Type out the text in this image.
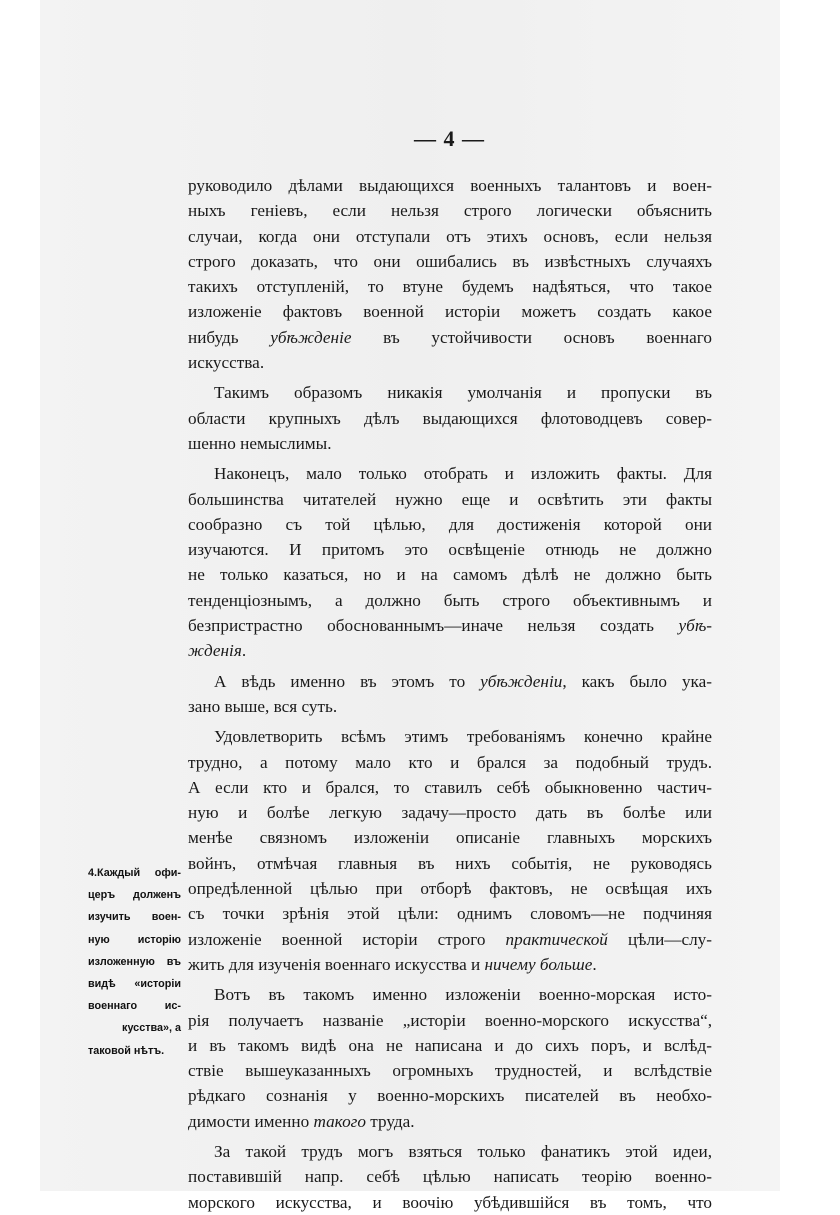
— 4 —

руководило дѣлами выдающихся военныхъ талантовъ и воен-

ныхъ геніевъ, если нельзя строго логически объяснить

случаи, когда они отступали отъ этихъ основъ, если нельзя

строго доказать, что они ошибались въ извѣстныхъ случаяхъ

такихъ отступленій, то втуне будемъ надѣяться, что такое

изложеніе фактовъ военной исторіи можетъ создать какое

нибудь убѣжденіе въ устойчивости основъ военнаго

искусства.

Такимъ образомъ никакія умолчанія и пропуски въ

области крупныхъ дѣлъ выдающихся флотоводцевъ совер-

шенно немыслимы.

Наконецъ, мало только отобрать и изложить факты. Для

большинства читателей нужно еще и освѣтить эти факты

сообразно съ той цѣлью, для достиженія которой они

изучаются. И притомъ это освѣщеніе отнюдь не должно

не только казаться, но и на самомъ дѣлѣ не должно быть

тенденціознымъ, а должно быть строго объективнымъ и

безпристрастно обоснованнымъ—иначе нельзя создать убѣ-

жденія.

А вѣдь именно въ этомъ то убѣжденіи, какъ было ука-

зано выше, вся суть.

Удовлетворить всѣмъ этимъ требованіямъ конечно крайне

трудно, а потому мало кто и брался за подобный трудъ.

А если кто и брался, то ставилъ себѣ обыкновенно частич-

ную и болѣе легкую задачу—просто дать въ болѣе или

менѣе связномъ изложеніи описаніе главныхъ морскихъ

войнъ, отмѣчая главныя въ нихъ событія, не руководясь

опредѣленной цѣлью при отборѣ фактовъ, не освѣщая ихъ

съ точки зрѣнія этой цѣли: однимъ словомъ—не подчиняя

изложеніе военной исторіи строго практической цѣли—слу-

жить для изученія военнаго искусства и ничему больше.

Вотъ въ такомъ именно изложеніи военно-морская исто-

рія получаетъ названіе „исторіи военно-морского искусства“,

и въ такомъ видѣ она не написана и до сихъ поръ, и вслѣд-

ствіе вышеуказанныхъ огромныхъ трудностей, и вслѣдствіе

рѣдкаго сознанія у военно-морскихъ писателей въ необхо-

димости именно такого труда.

За такой трудъ могъ взяться только фанатикъ этой идеи,

поставившій напр. себѣ цѣлью написать теорію военно-

морского искусства, и воочію убѣдившійся въ томъ, что

4.Каждый офи-
церъ долженъ
изучить воен-
ную исторію
изложенную въ
видѣ «исторіи
военнаго ис-
кусства», а
таковой нѣтъ.
